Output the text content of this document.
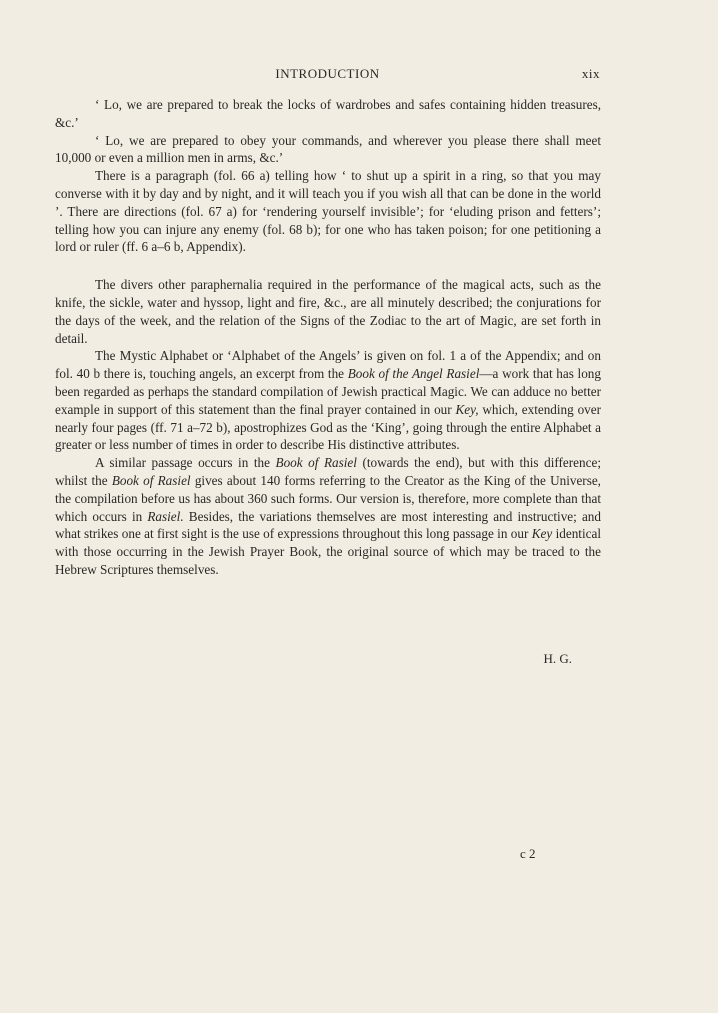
INTRODUCTION	xix

‘ Lo, we are prepared to break the locks of wardrobes and safes containing hidden treasures, &c.’

‘ Lo, we are prepared to obey your commands, and wherever you please there shall meet 10,000 or even a million men in arms, &c.’

There is a paragraph (fol. 66 a) telling how ‘ to shut up a spirit in a ring, so that you may converse with it by day and by night, and it will teach you if you wish all that can be done in the world ’. There are directions (fol. 67 a) for ‘rendering yourself invisible’; for ‘eluding prison and fetters’; telling how you can injure any enemy (fol. 68 b); for one who has taken poison; for one petitioning a lord or ruler (ff. 6 a–6 b, Appendix).

The divers other paraphernalia required in the performance of the magical acts, such as the knife, the sickle, water and hyssop, light and fire, &c., are all minutely described; the conjurations for the days of the week, and the relation of the Signs of the Zodiac to the art of Magic, are set forth in detail.

The Mystic Alphabet or ‘Alphabet of the Angels’ is given on fol. 1 a of the Appendix; and on fol. 40 b there is, touching angels, an excerpt from the Book of the Angel Rasiel—a work that has long been regarded as perhaps the standard compilation of Jewish practical Magic. We can adduce no better example in support of this statement than the final prayer contained in our Key, which, extending over nearly four pages (ff. 71 a–72 b), apostrophizes God as the ‘King’, going through the entire Alphabet a greater or less number of times in order to describe His distinctive attributes.

A similar passage occurs in the Book of Rasiel (towards the end), but with this difference; whilst the Book of Rasiel gives about 140 forms referring to the Creator as the King of the Universe, the compilation before us has about 360 such forms. Our version is, therefore, more complete than that which occurs in Rasiel. Besides, the variations themselves are most interesting and instructive; and what strikes one at first sight is the use of expressions throughout this long passage in our Key identical with those occurring in the Jewish Prayer Book, the original source of which may be traced to the Hebrew Scriptures themselves.

H. G.
c 2
